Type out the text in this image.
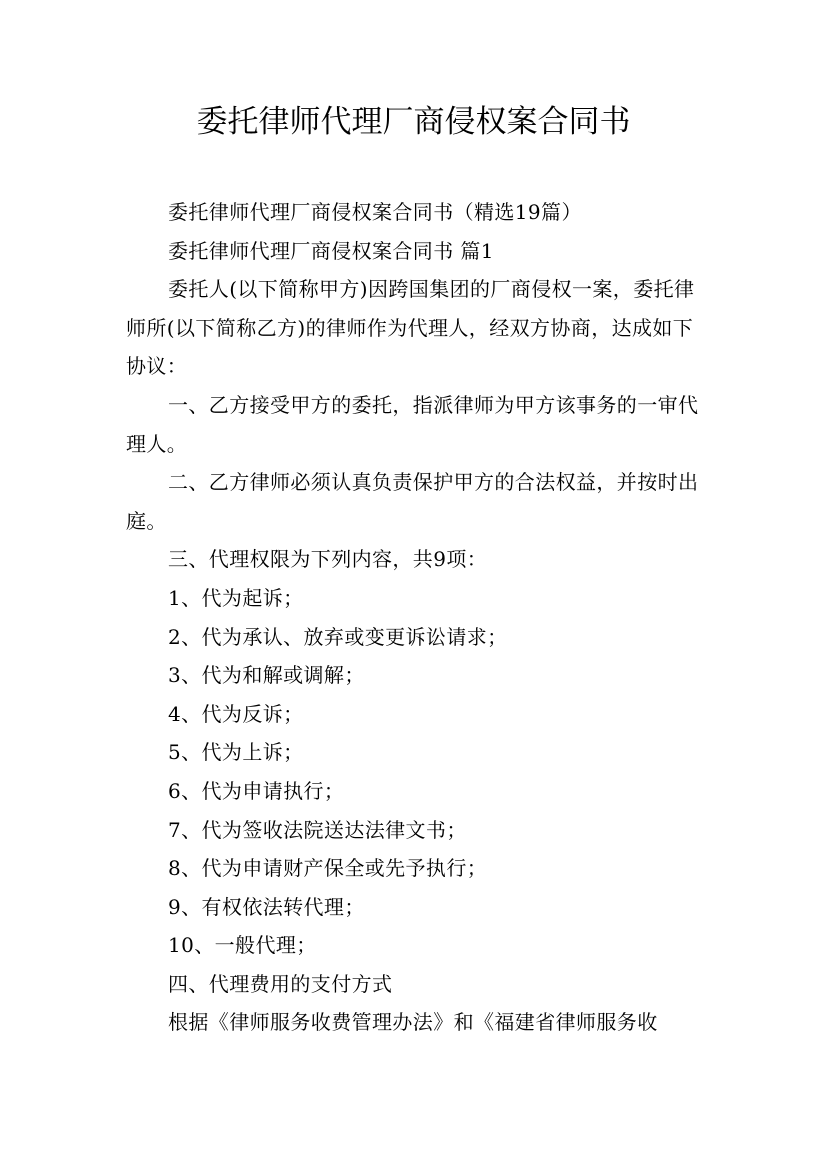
委托律师代理厂商侵权案合同书

委托律师代理厂商侵权案合同书（精选19篇）

委托律师代理厂商侵权案合同书 篇1

委托人(以下简称甲方)因跨国集团的厂商侵权一案，委托律师所(以下简称乙方)的律师作为代理人，经双方协商，达成如下协议：

一、乙方接受甲方的委托，指派律师为甲方该事务的一审代理人。

二、乙方律师必须认真负责保护甲方的合法权益，并按时出庭。

三、代理权限为下列内容，共9项：

1、代为起诉；

2、代为承认、放弃或变更诉讼请求；

3、代为和解或调解；

4、代为反诉；

5、代为上诉；

6、代为申请执行；

7、代为签收法院送达法律文书；

8、代为申请财产保全或先予执行；

9、有权依法转代理；

10、一般代理；

四、代理费用的支付方式

根据《律师服务收费管理办法》和《福建省律师服务收
